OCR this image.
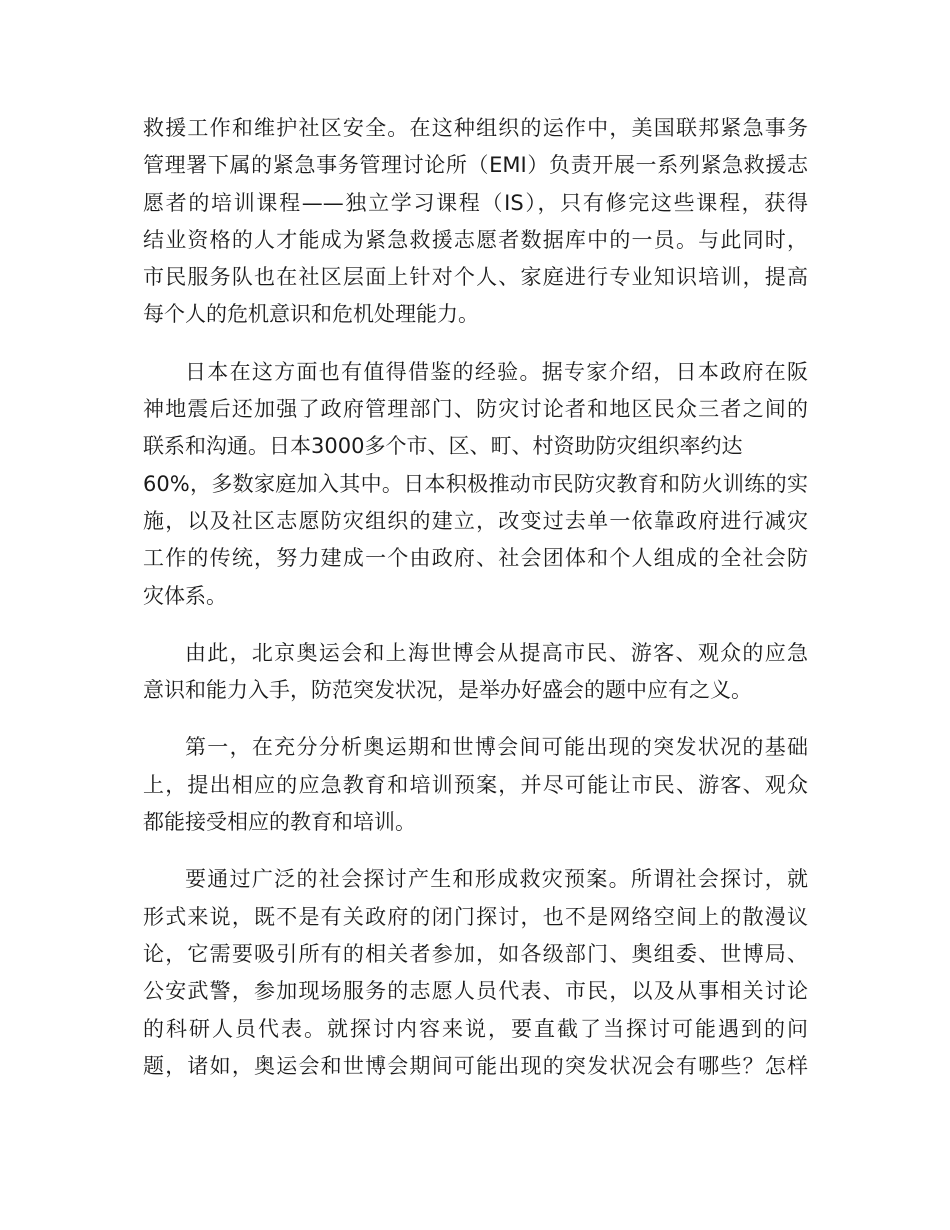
救援工作和维护社区安全。在这种组织的运作中，美国联邦紧急事务
管理署下属的紧急事务管理讨论所（EMI）负责开展一系列紧急救援志
愿者的培训课程——独立学习课程（IS），只有修完这些课程，获得
结业资格的人才能成为紧急救援志愿者数据库中的一员。与此同时，
市民服务队也在社区层面上针对个人、家庭进行专业知识培训，提高
每个人的危机意识和危机处理能力。
日本在这方面也有值得借鉴的经验。据专家介绍，日本政府在阪
神地震后还加强了政府管理部门、防灾讨论者和地区民众三者之间的
联系和沟通。日本3000多个市、区、町、村资助防灾组织率约达
60%，多数家庭加入其中。日本积极推动市民防灾教育和防火训练的实
施，以及社区志愿防灾组织的建立，改变过去单一依靠政府进行减灾
工作的传统，努力建成一个由政府、社会团体和个人组成的全社会防
灾体系。
由此，北京奥运会和上海世博会从提高市民、游客、观众的应急
意识和能力入手，防范突发状况，是举办好盛会的题中应有之义。
第一，在充分分析奥运期和世博会间可能出现的突发状况的基础
上，提出相应的应急教育和培训预案，并尽可能让市民、游客、观众
都能接受相应的教育和培训。
要通过广泛的社会探讨产生和形成救灾预案。所谓社会探讨，就
形式来说，既不是有关政府的闭门探讨，也不是网络空间上的散漫议
论，它需要吸引所有的相关者参加，如各级部门、奥组委、世博局、
公安武警，参加现场服务的志愿人员代表、市民，以及从事相关讨论
的科研人员代表。就探讨内容来说，要直截了当探讨可能遇到的问
题，诸如，奥运会和世博会期间可能出现的突发状况会有哪些？怎样
